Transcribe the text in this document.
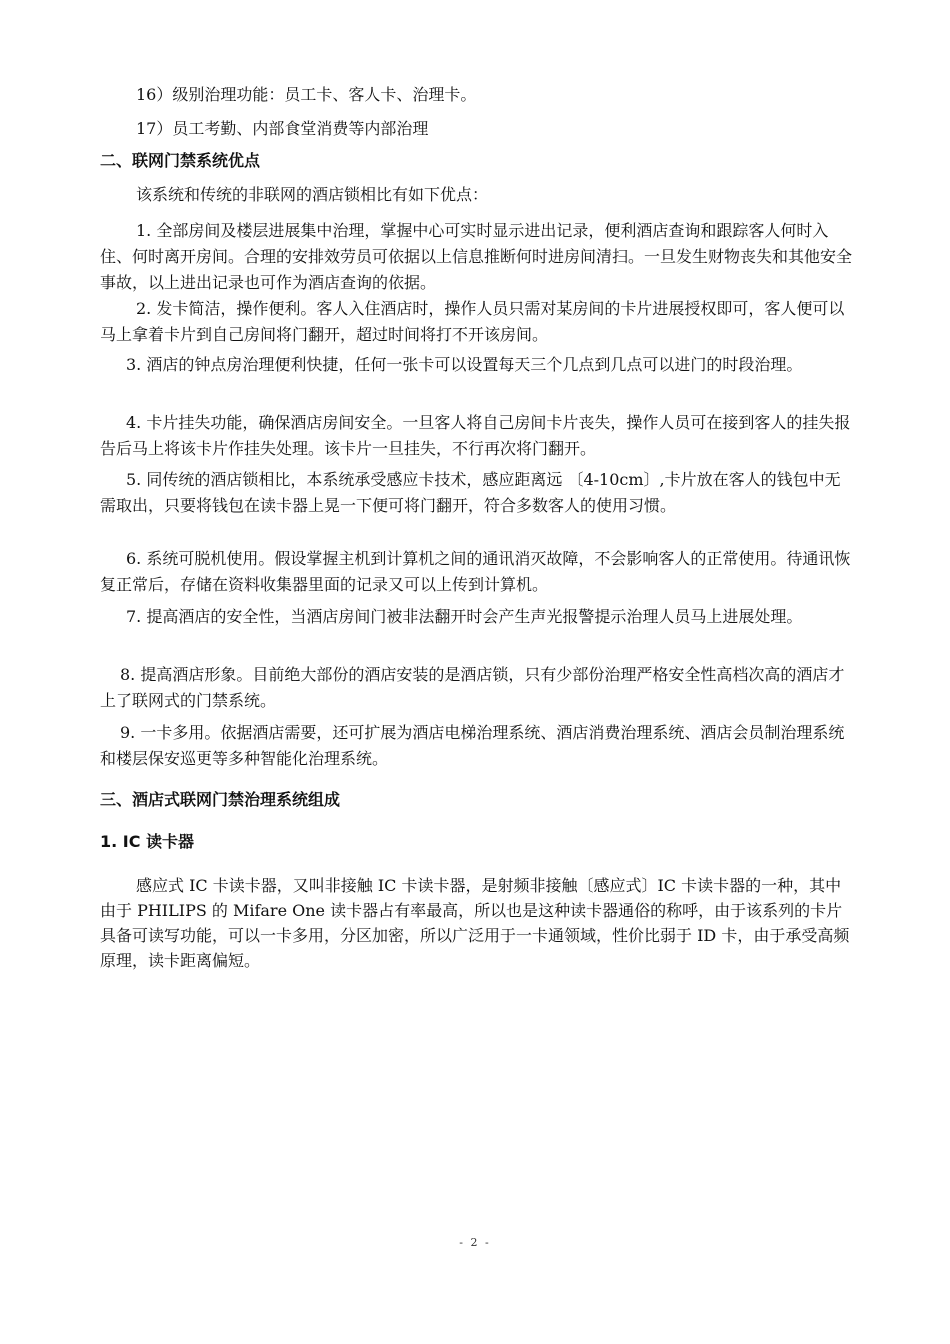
16）级别治理功能：员工卡、客人卡、治理卡。
17）员工考勤、内部食堂消费等内部治理
二、联网门禁系统优点
该系统和传统的非联网的酒店锁相比有如下优点：
1. 全部房间及楼层进展集中治理，掌握中心可实时显示进出记录，便利酒店查询和跟踪客人何时入住、何时离开房间。合理的安排效劳员可依据以上信息推断何时进房间清扫。一旦发生财物丧失和其他安全事故，以上进出记录也可作为酒店查询的依据。
2. 发卡简洁，操作便利。客人入住酒店时，操作人员只需对某房间的卡片进展授权即可，客人便可以马上拿着卡片到自己房间将门翻开，超过时间将打不开该房间。
3. 酒店的钟点房治理便利快捷，任何一张卡可以设置每天三个几点到几点可以进门的时段治理。
4. 卡片挂失功能，确保酒店房间安全。一旦客人将自己房间卡片丧失，操作人员可在接到客人的挂失报告后马上将该卡片作挂失处理。该卡片一旦挂失，不行再次将门翻开。
5. 同传统的酒店锁相比，本系统承受感应卡技术，感应距离远 〔4-10cm〕,卡片放在客人的钱包中无需取出，只要将钱包在读卡器上晃一下便可将门翻开，符合多数客人的使用习惯。
6. 系统可脱机使用。假设掌握主机到计算机之间的通讯消灭故障，不会影响客人的正常使用。待通讯恢复正常后，存储在资料收集器里面的记录又可以上传到计算机。
7. 提高酒店的安全性，当酒店房间门被非法翻开时会产生声光报警提示治理人员马上进展处理。
8. 提高酒店形象。目前绝大部份的酒店安装的是酒店锁，只有少部份治理严格安全性高档次高的酒店才上了联网式的门禁系统。
9. 一卡多用。依据酒店需要，还可扩展为酒店电梯治理系统、酒店消费治理系统、酒店会员制治理系统和楼层保安巡更等多种智能化治理系统。
三、酒店式联网门禁治理系统组成
1. IC 读卡器
感应式 IC 卡读卡器，又叫非接触 IC 卡读卡器，是射频非接触〔感应式〕IC 卡读卡器的一种，其中由于 PHILIPS 的 Mifare One 读卡器占有率最高，所以也是这种读卡器通俗的称呼，由于该系列的卡片具备可读写功能，可以一卡多用，分区加密，所以广泛用于一卡通领域，性价比弱于 ID 卡，由于承受高频原理，读卡距离偏短。
- 2 -
